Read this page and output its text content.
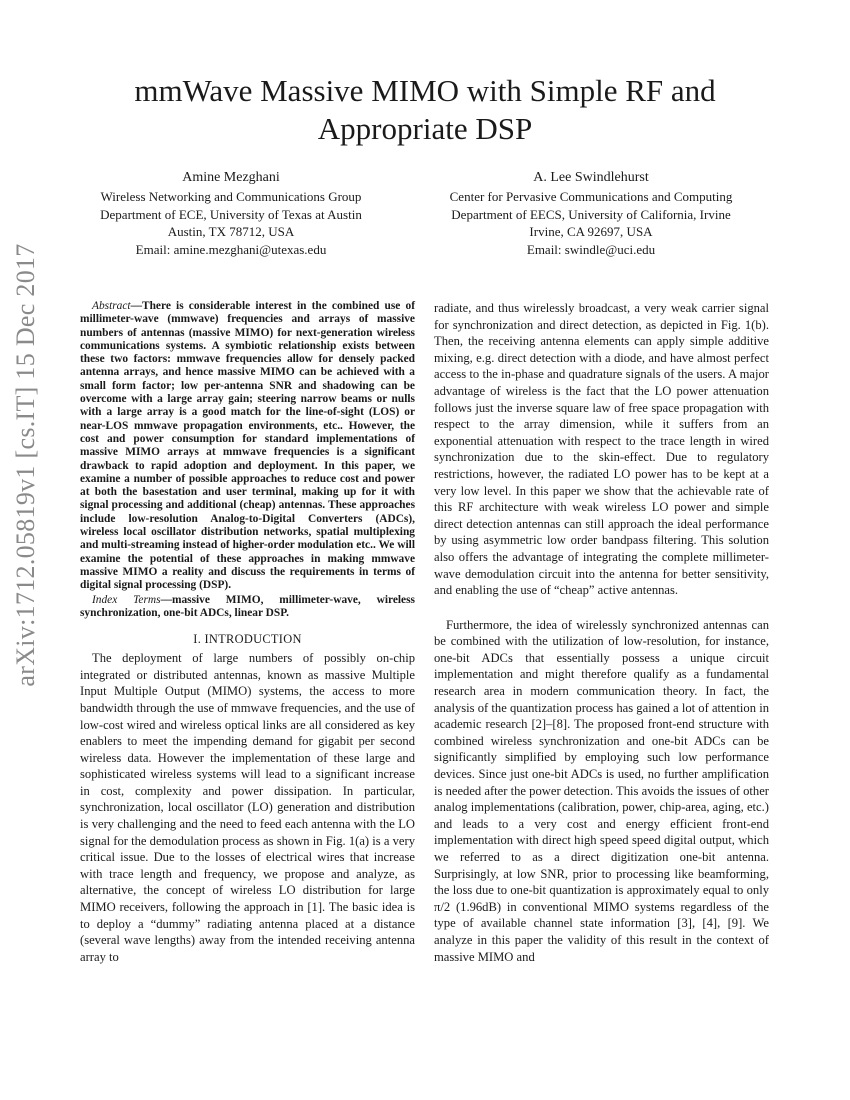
arXiv:1712.05819v1 [cs.IT] 15 Dec 2017
mmWave Massive MIMO with Simple RF and Appropriate DSP
Amine Mezghani
Wireless Networking and Communications Group
Department of ECE, University of Texas at Austin
Austin, TX 78712, USA
Email: amine.mezghani@utexas.edu
A. Lee Swindlehurst
Center for Pervasive Communications and Computing
Department of EECS, University of California, Irvine
Irvine, CA 92697, USA
Email: swindle@uci.edu

Abstract—There is considerable interest in the combined use of millimeter-wave (mmwave) frequencies and arrays of massive numbers of antennas (massive MIMO) for next-generation wireless communications systems. A symbiotic relationship exists between these two factors: mmwave frequencies allow for densely packed antenna arrays, and hence massive MIMO can be achieved with a small form factor; low per-antenna SNR and shadowing can be overcome with a large array gain; steering narrow beams or nulls with a large array is a good match for the line-of-sight (LOS) or near-LOS mmwave propagation environments, etc.. However, the cost and power consumption for standard implementations of massive MIMO arrays at mmwave frequencies is a significant drawback to rapid adoption and deployment. In this paper, we examine a number of possible approaches to reduce cost and power at both the basestation and user terminal, making up for it with signal processing and additional (cheap) antennas. These approaches include low-resolution Analog-to-Digital Converters (ADCs), wireless local oscillator distribution networks, spatial multiplexing and multi-streaming instead of higher-order modulation etc.. We will examine the potential of these approaches in making mmwave massive MIMO a reality and discuss the requirements in terms of digital signal processing (DSP).

Index Terms—massive MIMO, millimeter-wave, wireless synchronization, one-bit ADCs, linear DSP.

I. INTRODUCTION

The deployment of large numbers of possibly on-chip integrated or distributed antennas, known as massive Multiple Input Multiple Output (MIMO) systems, the access to more bandwidth through the use of mmwave frequencies, and the use of low-cost wired and wireless optical links are all considered as key enablers to meet the impending demand for gigabit per second wireless data. However the implementation of these large and sophisticated wireless systems will lead to a significant increase in cost, complexity and power dissipation. In particular, synchronization, local oscillator (LO) generation and distribution is very challenging and the need to feed each antenna with the LO signal for the demodulation process as shown in Fig. 1(a) is a very critical issue. Due to the losses of electrical wires that increase with trace length and frequency, we propose and analyze, as alternative, the concept of wireless LO distribution for large MIMO receivers, following the approach in [1]. The basic idea is to deploy a “dummy” radiating antenna placed at a distance (several wave lengths) away from the intended receiving antenna array to

radiate, and thus wirelessly broadcast, a very weak carrier signal for synchronization and direct detection, as depicted in Fig. 1(b). Then, the receiving antenna elements can apply simple additive mixing, e.g. direct detection with a diode, and have almost perfect access to the in-phase and quadrature signals of the users. A major advantage of wireless is the fact that the LO power attenuation follows just the inverse square law of free space propagation with respect to the array dimension, while it suffers from an exponential attenuation with respect to the trace length in wired synchronization due to the skin-effect. Due to regulatory restrictions, however, the radiated LO power has to be kept at a very low level. In this paper we show that the achievable rate of this RF architecture with weak wireless LO power and simple direct detection antennas can still approach the ideal performance by using asymmetric low order bandpass filtering. This solution also offers the advantage of integrating the complete millimeter-wave demodulation circuit into the antenna for better sensitivity, and enabling the use of “cheap” active antennas.

Furthermore, the idea of wirelessly synchronized antennas can be combined with the utilization of low-resolution, for instance, one-bit ADCs that essentially possess a unique circuit implementation and might therefore qualify as a fundamental research area in modern communication theory. In fact, the analysis of the quantization process has gained a lot of attention in academic research [2]–[8]. The proposed front-end structure with combined wireless synchronization and one-bit ADCs can be significantly simplified by employing such low performance devices. Since just one-bit ADCs is used, no further amplification is needed after the power detection. This avoids the issues of other analog implementations (calibration, power, chip-area, aging, etc.) and leads to a very cost and energy efficient front-end implementation with direct high speed speed digital output, which we referred to as a direct digitization one-bit antenna. Surprisingly, at low SNR, prior to processing like beamforming, the loss due to one-bit quantization is approximately equal to only π/2 (1.96dB) in conventional MIMO systems regardless of the type of available channel state information [3], [4], [9]. We analyze in this paper the validity of this result in the context of massive MIMO and
